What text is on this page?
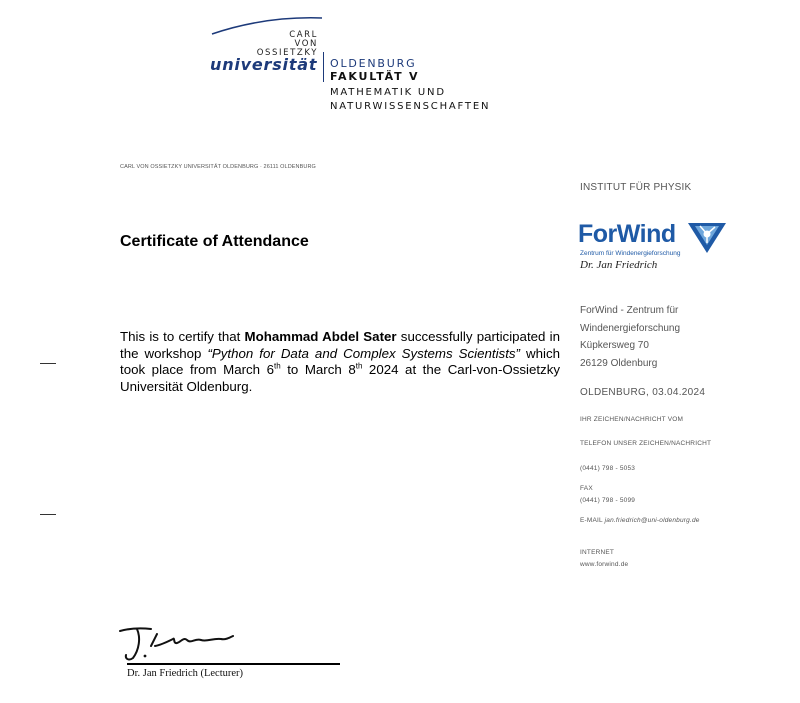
CARL
VON
OSSIETZKY
universität OLDENBURG
FAKULTÄT V
MATHEMATIK UND
NATURWISSENSCHAFTEN
CARL VON OSSIETZKY UNIVERSITÄT OLDENBURG · 26111 OLDENBURG
Certificate of Attendance
This is to certify that Mohammad Abdel Sater successfully participated in the workshop “Python for Data and Complex Systems Scientists” which took place from March 6th to March 8th 2024 at the Carl-von-Ossietzky Universität Oldenburg.
INSTITUT FÜR PHYSIK
ForWind
Zentrum für Windenergieforschung
Dr. Jan Friedrich
ForWind - Zentrum für
Windenergieforschung
Küpkersweg 70
26129 Oldenburg
OLDENBURG, 03.04.2024
IHR ZEICHEN/NACHRICHT VOM
TELEFON UNSER ZEICHEN/NACHRICHT
(0441) 798 - 5053
FAX
(0441) 798 - 5099
E-MAIL jan.friedrich@uni-oldenburg.de
INTERNET
www.forwind.de
Dr. Jan Friedrich (Lecturer)
